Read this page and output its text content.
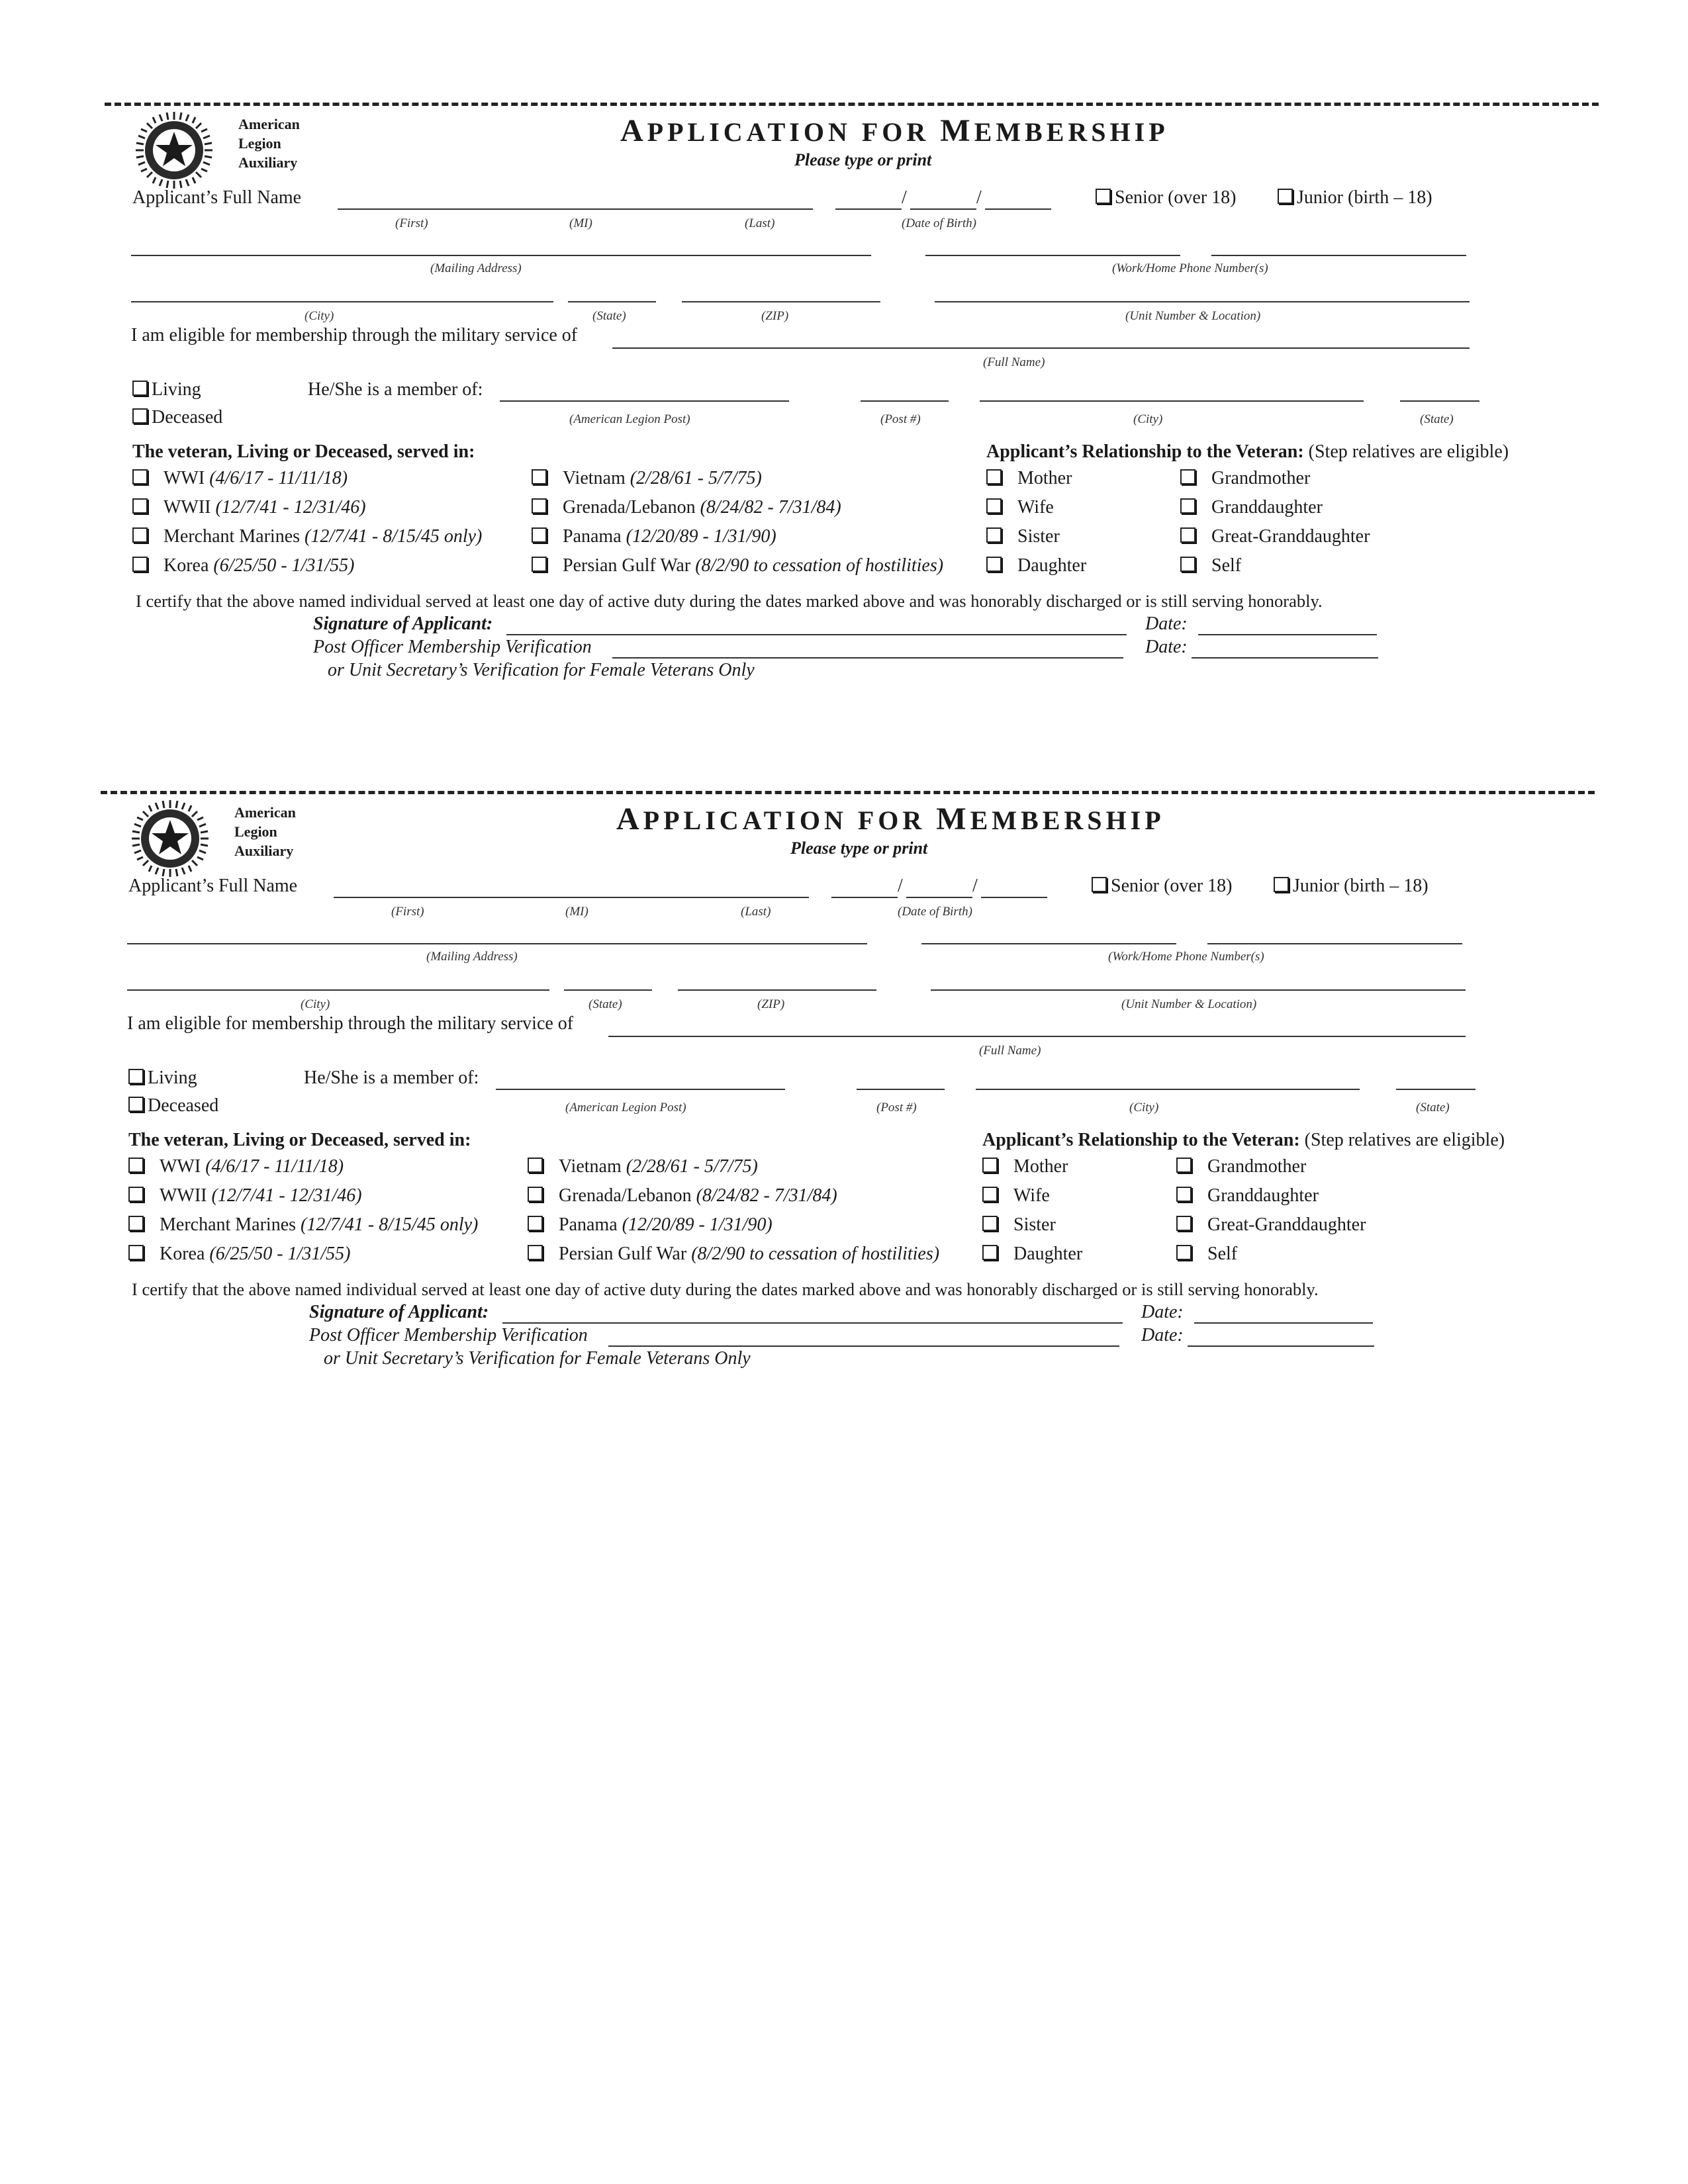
American
Legion
Auxiliary
APPLICATION FOR MEMBERSHIP
Please type or print
Applicant’s Full Name	/	/	Senior (over 18)	Junior (birth – 18)
(First)	(MI)	(Last)	(Date of Birth)
(Mailing Address)	(Work/Home Phone Number(s)
(City)	(State)	(ZIP)	(Unit Number & Location)
I am eligible for membership through the military service of
(Full Name)
Living
Deceased
He/She is a member of:
(American Legion Post)	(Post #)	(City)	(State)
The veteran, Living or Deceased, served in:
WWI (4/6/17 - 11/11/18)
WWII (12/7/41 - 12/31/46)
Merchant Marines (12/7/41 - 8/15/45 only)
Korea (6/25/50 - 1/31/55)
Vietnam (2/28/61 - 5/7/75)
Grenada/Lebanon (8/24/82 - 7/31/84)
Panama (12/20/89 - 1/31/90)
Persian Gulf War (8/2/90 to cessation of hostilities)
Applicant’s Relationship to the Veteran: (Step relatives are eligible)
Mother
Wife
Sister
Daughter
Grandmother
Granddaughter
Great-Granddaughter
Self
I certify that the above named individual served at least one day of active duty during the dates marked above and was honorably discharged or is still serving honorably.
Signature of Applicant:	Date:
Post Officer Membership Verification	Date:
or Unit Secretary’s Verification for Female Veterans Only
American
Legion
Auxiliary
APPLICATION FOR MEMBERSHIP
Please type or print
Applicant’s Full Name	/	/	Senior (over 18)	Junior (birth – 18)
(First)	(MI)	(Last)	(Date of Birth)
(Mailing Address)	(Work/Home Phone Number(s)
(City)	(State)	(ZIP)	(Unit Number & Location)
I am eligible for membership through the military service of
(Full Name)
Living
Deceased
He/She is a member of:
(American Legion Post)	(Post #)	(City)	(State)
The veteran, Living or Deceased, served in:
WWI (4/6/17 - 11/11/18)
WWII (12/7/41 - 12/31/46)
Merchant Marines (12/7/41 - 8/15/45 only)
Korea (6/25/50 - 1/31/55)
Vietnam (2/28/61 - 5/7/75)
Grenada/Lebanon (8/24/82 - 7/31/84)
Panama (12/20/89 - 1/31/90)
Persian Gulf War (8/2/90 to cessation of hostilities)
Applicant’s Relationship to the Veteran: (Step relatives are eligible)
Mother
Wife
Sister
Daughter
Grandmother
Granddaughter
Great-Granddaughter
Self
I certify that the above named individual served at least one day of active duty during the dates marked above and was honorably discharged or is still serving honorably.
Signature of Applicant:	Date:
Post Officer Membership Verification	Date:
or Unit Secretary’s Verification for Female Veterans Only
